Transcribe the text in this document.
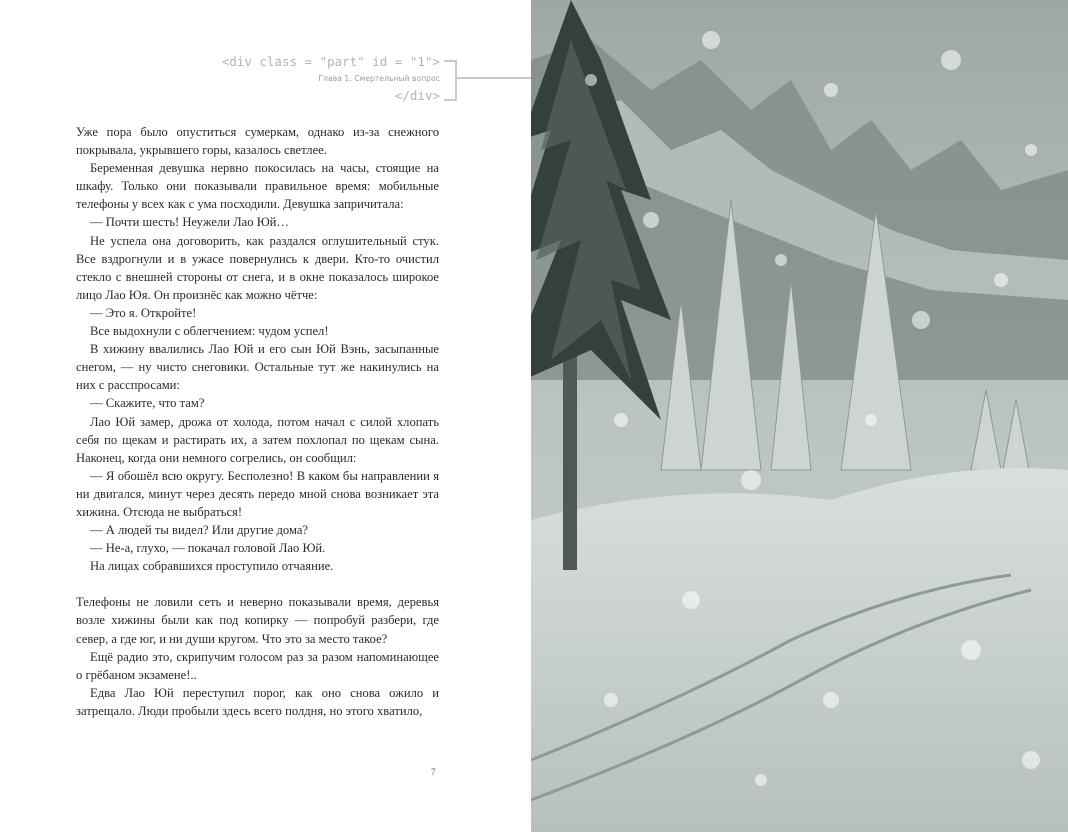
<div class = "part" id = "1">
Глава 1. Смертельный вопрос
</div>

Уже пора было опуститься сумеркам, однако из-за снежного покрывала, укрывшего горы, казалось светлее.

Беременная девушка нервно покосилась на часы, стоящие на шкафу. Только они показывали правильное время: мобильные телефоны у всех как с ума посходили. Девушка запричитала:

— Почти шесть! Неужели Лао Юй…

Не успела она договорить, как раздался оглушительный стук. Все вздрогнули и в ужасе повернулись к двери. Кто-то очистил стекло с внешней стороны от снега, и в окне показалось широкое лицо Лао Юя. Он произнёс как можно чётче:

— Это я. Откройте!

Все выдохнули с облегчением: чудом успел!

В хижину ввалились Лао Юй и его сын Юй Вэнь, засыпанные снегом, — ну чисто снеговики. Остальные тут же накинулись на них с расспросами:

— Скажите, что там?

Лао Юй замер, дрожа от холода, потом начал с силой хлопать себя по щекам и растирать их, а затем похлопал по щекам сына. Наконец, когда они немного согрелись, он сообщил:

— Я обошёл всю округу. Бесполезно! В каком бы направлении я ни двигался, минут через десять передо мной снова возникает эта хижина. Отсюда не выбраться!

— А людей ты видел? Или другие дома?

— Не-а, глухо, — покачал головой Лао Юй.

На лицах собравшихся проступило отчаяние.

Телефоны не ловили сеть и неверно показывали время, деревья возле хижины были как под копирку — попробуй разбери, где север, а где юг, и ни души кругом. Что это за место такое?

Ещё радио это, скрипучим голосом раз за разом напоминающее о грёбаном экзамене!..

Едва Лао Юй переступил порог, как оно снова ожило и затрещало. Люди пробыли здесь всего полдня, но этого хватило,

7
